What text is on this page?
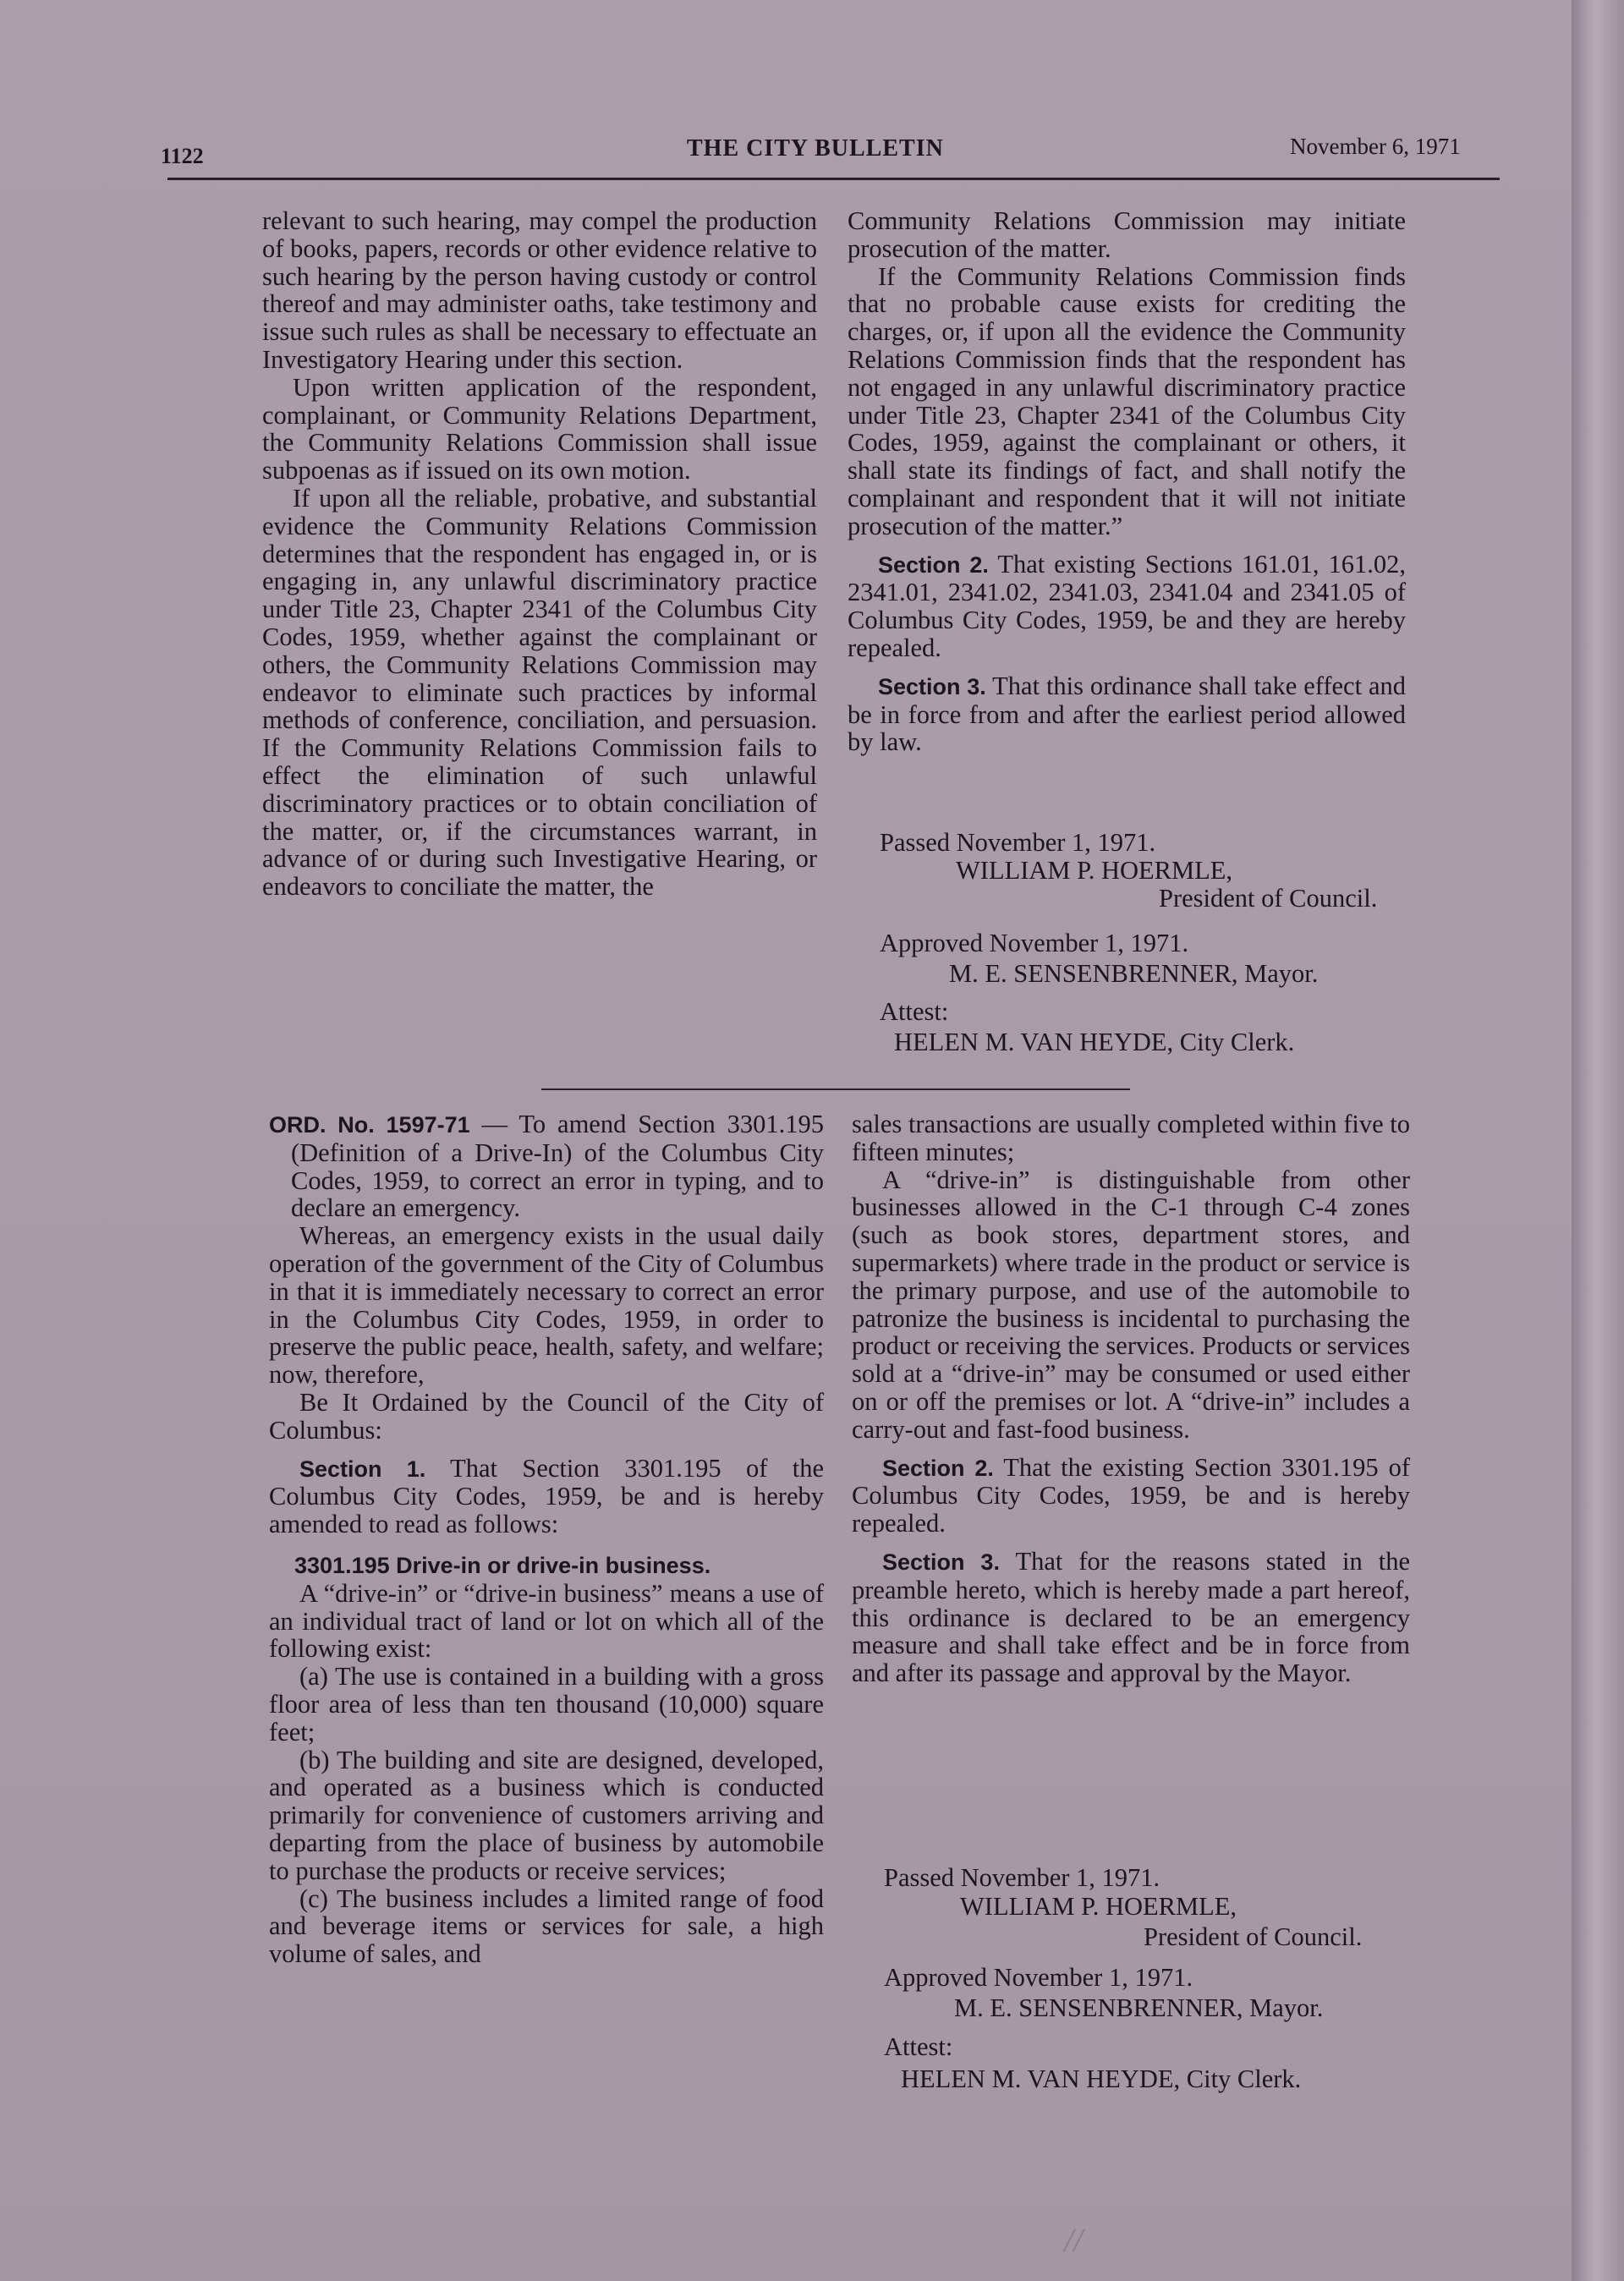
1122	THE CITY BULLETIN	November 6, 1971

relevant to such hearing, may compel the production of books, papers, records or other evidence relative to such hearing by the person having custody or control thereof and may administer oaths, take testimony and issue such rules as shall be necessary to effectuate an Investigatory Hearing under this section.

Upon written application of the respondent, complainant, or Community Relations Department, the Community Relations Commission shall issue subpoenas as if issued on its own motion.

If upon all the reliable, probative, and substantial evidence the Community Relations Commission determines that the respondent has engaged in, or is engaging in, any unlawful discriminatory practice under Title 23, Chapter 2341 of the Columbus City Codes, 1959, whether against the complainant or others, the Community Relations Commission may endeavor to eliminate such practices by informal methods of conference, conciliation, and persuasion. If the Community Relations Commission fails to effect the elimination of such unlawful discriminatory practices or to obtain conciliation of the matter, or, if the circumstances warrant, in advance of or during such Investigative Hearing, or endeavors to conciliate the matter, the

Community Relations Commission may initiate prosecution of the matter.

If the Community Relations Commission finds that no probable cause exists for crediting the charges, or, if upon all the evidence the Community Relations Commission finds that the respondent has not engaged in any unlawful discriminatory practice under Title 23, Chapter 2341 of the Columbus City Codes, 1959, against the complainant or others, it shall state its findings of fact, and shall notify the complainant and respondent that it will not initiate prosecution of the matter.”

Section 2. That existing Sections 161.01, 161.02, 2341.01, 2341.02, 2341.03, 2341.04 and 2341.05 of Columbus City Codes, 1959, be and they are hereby repealed.

Section 3. That this ordinance shall take effect and be in force from and after the earliest period allowed by law.

Passed November 1, 1971.
WILLIAM P. HOERMLE,
President of Council.
Approved November 1, 1971.
M. E. SENSENBRENNER, Mayor.
Attest:
HELEN M. VAN HEYDE, City Clerk.

ORD. No. 1597-71 — To amend Section 3301.195 (Definition of a Drive-In) of the Columbus City Codes, 1959, to correct an error in typing, and to declare an emergency.

Whereas, an emergency exists in the usual daily operation of the government of the City of Columbus in that it is immediately necessary to correct an error in the Columbus City Codes, 1959, in order to preserve the public peace, health, safety, and welfare; now, therefore,

Be It Ordained by the Council of the City of Columbus:

Section 1. That Section 3301.195 of the Columbus City Codes, 1959, be and is hereby amended to read as follows:

3301.195 Drive-in or drive-in business.

A “drive-in” or “drive-in business” means a use of an individual tract of land or lot on which all of the following exist:

(a) The use is contained in a building with a gross floor area of less than ten thousand (10,000) square feet;

(b) The building and site are designed, developed, and operated as a business which is conducted primarily for convenience of customers arriving and departing from the place of business by automobile to purchase the products or receive services;

(c) The business includes a limited range of food and beverage items or services for sale, a high volume of sales, and

sales transactions are usually completed within five to fifteen minutes;

A “drive-in” is distinguishable from other businesses allowed in the C-1 through C-4 zones (such as book stores, department stores, and supermarkets) where trade in the product or service is the primary purpose, and use of the automobile to patronize the business is incidental to purchasing the product or receiving the services. Products or services sold at a “drive-in” may be consumed or used either on or off the premises or lot. A “drive-in” includes a carry-out and fast-food business.

Section 2. That the existing Section 3301.195 of Columbus City Codes, 1959, be and is hereby repealed.

Section 3. That for the reasons stated in the preamble hereto, which is hereby made a part hereof, this ordinance is declared to be an emergency measure and shall take effect and be in force from and after its passage and approval by the Mayor.

Passed November 1, 1971.
WILLIAM P. HOERMLE,
President of Council.
Approved November 1, 1971.
M. E. SENSENBRENNER, Mayor.
Attest:
HELEN M. VAN HEYDE, City Clerk.
//
